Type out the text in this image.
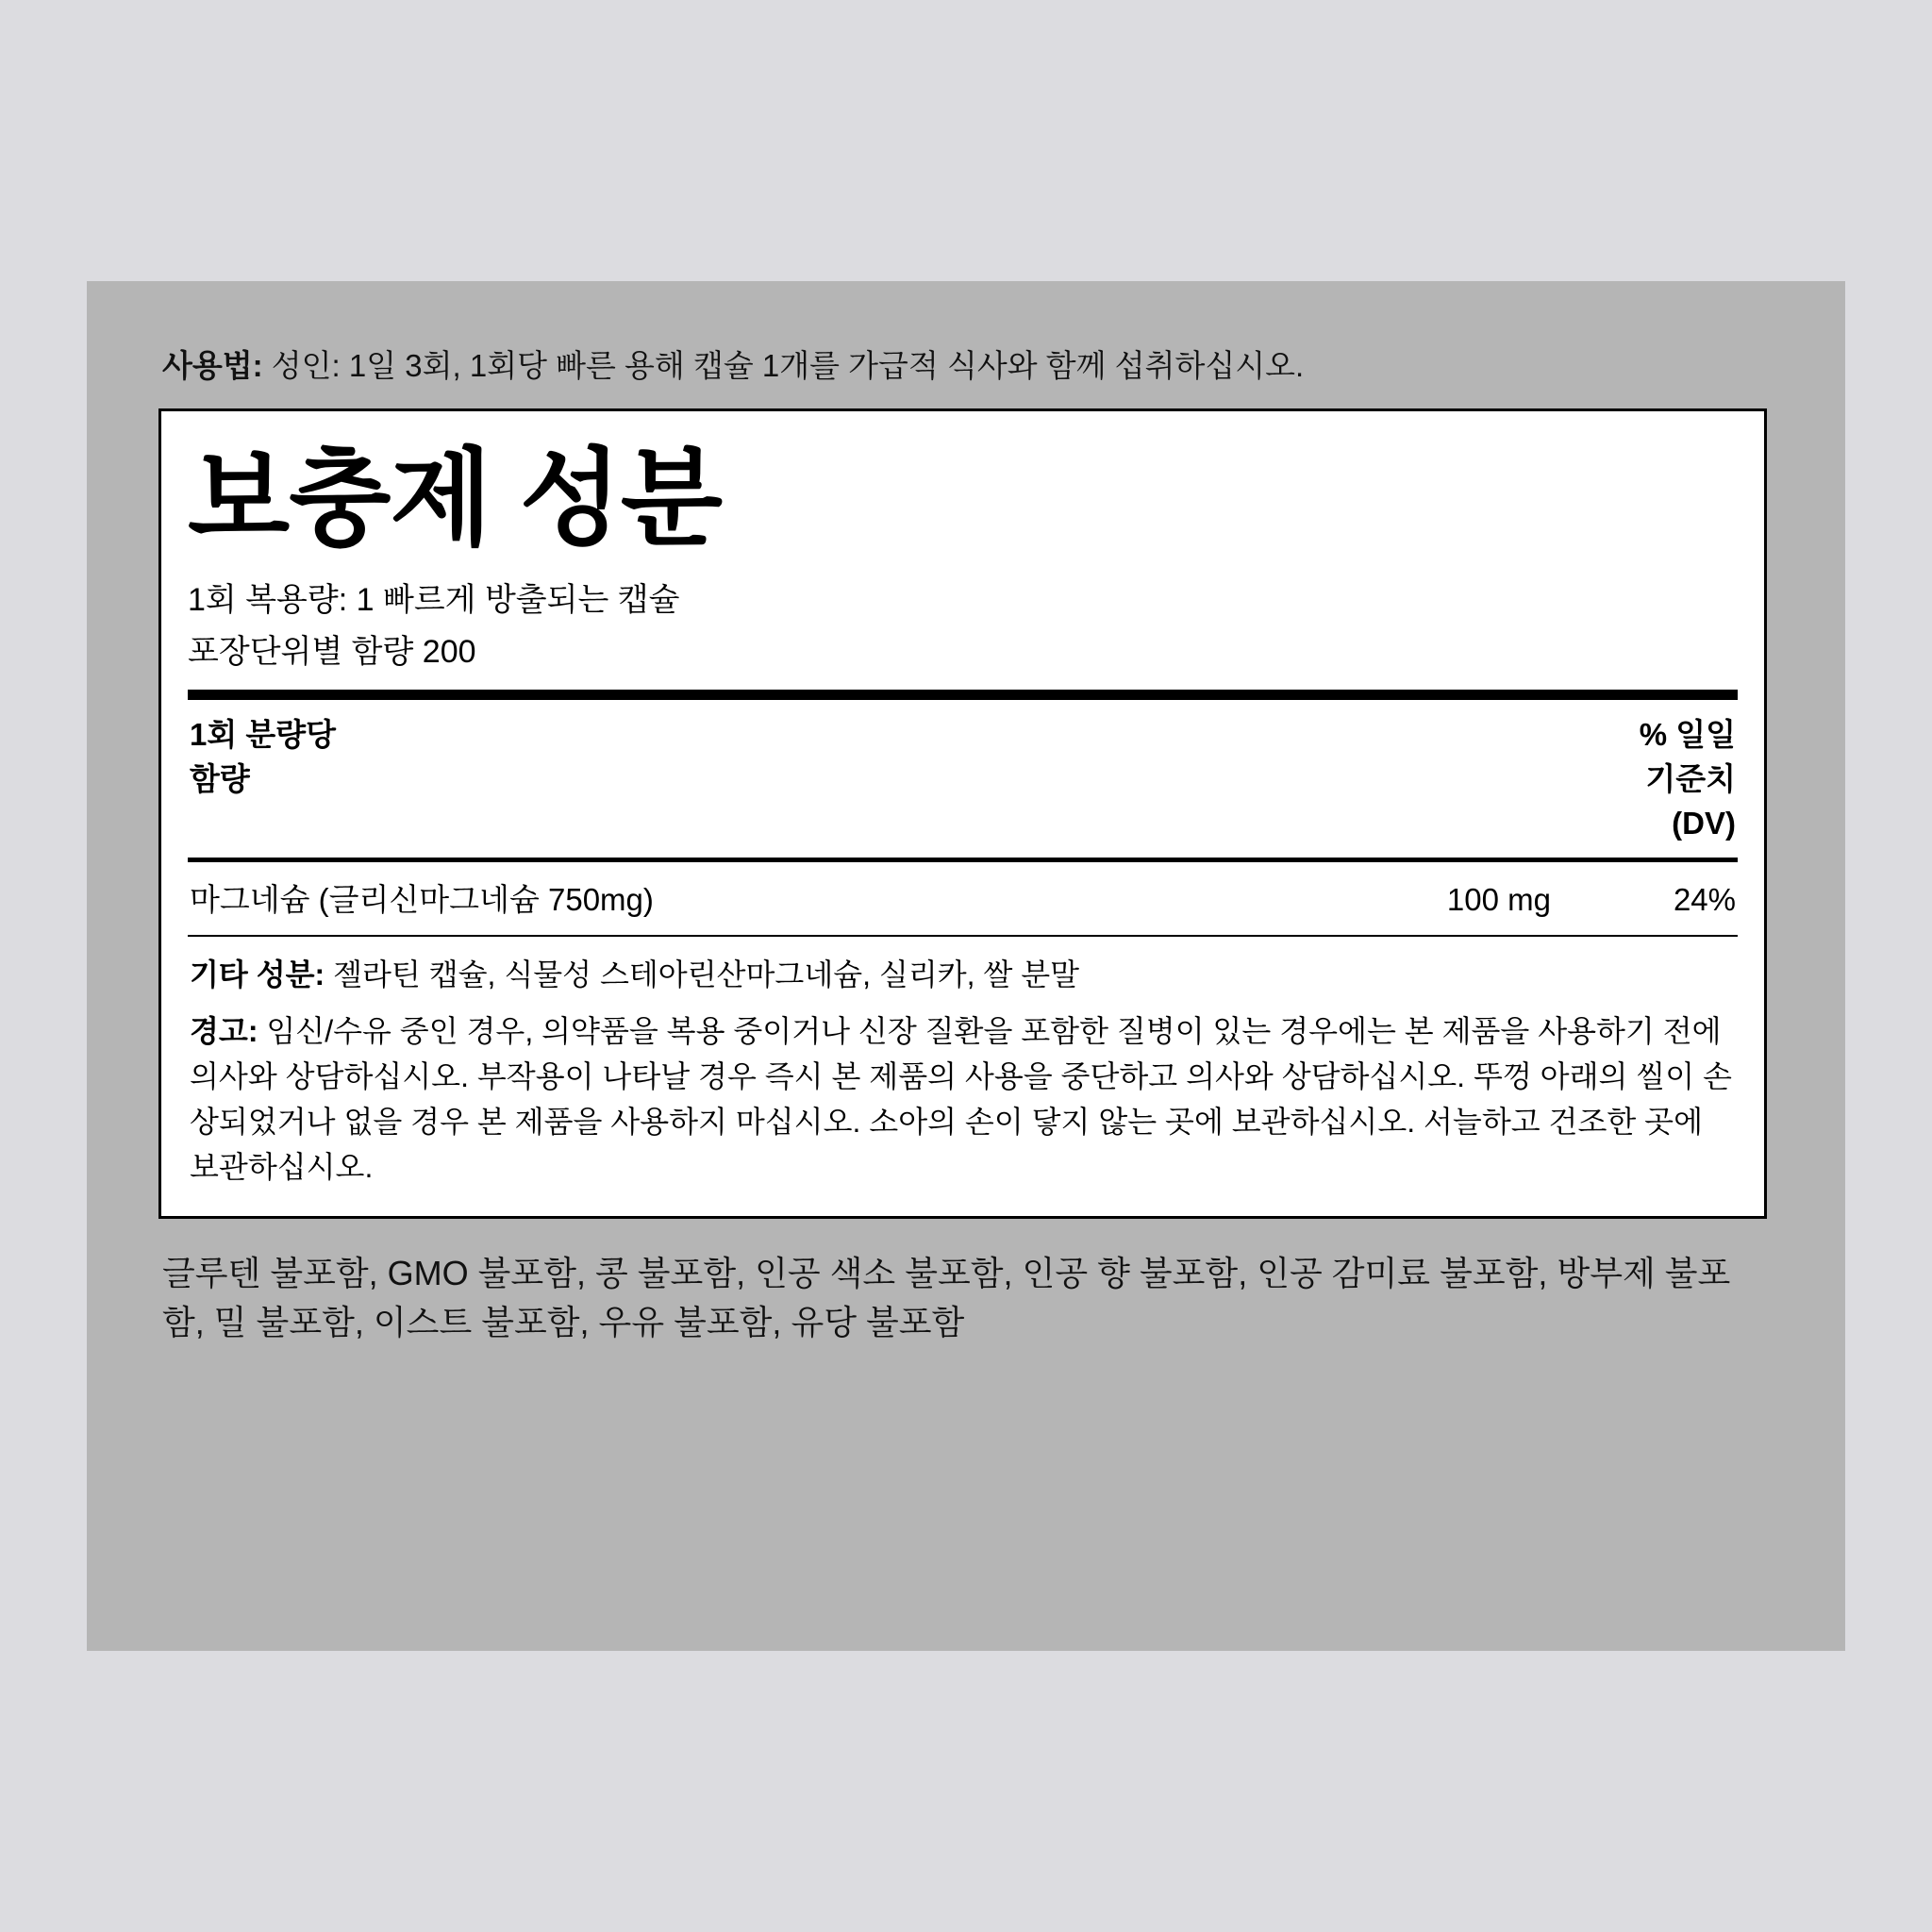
사용법: 성인: 1일 3회, 1회당 빠른 용해 캡슐 1개를 가급적 식사와 함께 섭취하십시오.
보충제 성분
1회 복용량: 1 빠르게 방출되는 캡슐
포장단위별 함량 200
1회 분량당
함량
% 일일
기준치
(DV)
마그네슘 (글리신마그네슘 750mg)	100 mg	24%
기타 성분: 젤라틴 캡슐, 식물성 스테아린산마그네슘, 실리카, 쌀 분말
경고: 임신/수유 중인 경우, 의약품을 복용 중이거나 신장 질환을 포함한 질병이 있는 경우에는 본 제품을 사용하기 전에 의사와 상담하십시오. 부작용이 나타날 경우 즉시 본 제품의 사용을 중단하고 의사와 상담하십시오. 뚜껑 아래의 씰이 손상되었거나 없을 경우 본 제품을 사용하지 마십시오. 소아의 손이 닿지 않는 곳에 보관하십시오. 서늘하고 건조한 곳에 보관하십시오.
글루텐 불포함, GMO 불포함, 콩 불포함, 인공 색소 불포함, 인공 향 불포함, 인공 감미료 불포함, 방부제 불포함, 밀 불포함, 이스트 불포함, 우유 불포함, 유당 불포함
